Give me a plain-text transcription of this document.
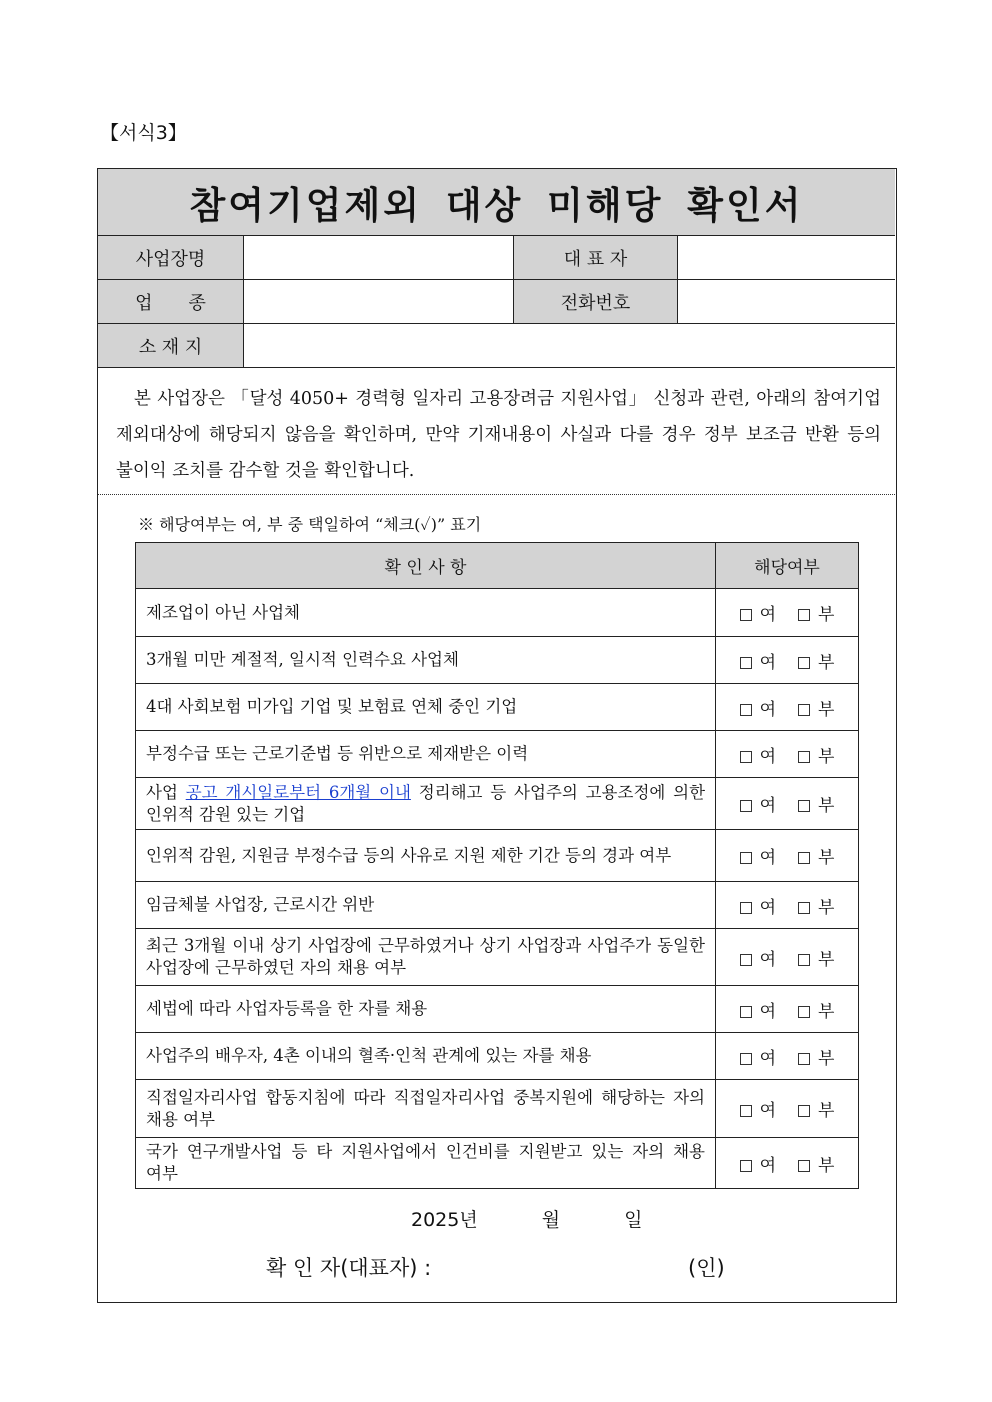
【서식3】
참여기업제외 대상 미해당 확인서
사업장명	대 표 자
업　　종	전화번호
소 재 지

본 사업장은 「달성 4050+ 경력형 일자리 고용장려금 지원사업」 신청과 관련, 아래의 참여기업 제외대상에 해당되지 않음을 확인하며, 만약 기재내용이 사실과 다를 경우 정부 보조금 반환 등의 불이익 조치를 감수할 것을 확인합니다.

※ 해당여부는 여, 부 중 택일하여 “체크(✓)” 표기
확 인 사 항	해당여부
제조업이 아닌 사업체	여 부
3개월 미만 계절적, 일시적 인력수요 사업체	여 부
4대 사회보험 미가입 기업 및 보험료 연체 중인 기업	여 부
부정수급 또는 근로기준법 등 위반으로 제재받은 이력	여 부
사업 공고 개시일로부터 6개월 이내 정리해고 등 사업주의 고용조정에 의한 인위적 감원 있는 기업	여 부
인위적 감원, 지원금 부정수급 등의 사유로 지원 제한 기간 등의 경과 여부	여 부
임금체불 사업장, 근로시간 위반	여 부
최근 3개월 이내 상기 사업장에 근무하였거나 상기 사업장과 사업주가 동일한 사업장에 근무하였던 자의 채용 여부	여 부
세법에 따라 사업자등록을 한 자를 채용	여 부
사업주의 배우자, 4촌 이내의 혈족·인척 관계에 있는 자를 채용	여 부
직접일자리사업 합동지침에 따라 직접일자리사업 중복지원에 해당하는 자의 채용 여부	여 부
국가 연구개발사업 등 타 지원사업에서 인건비를 지원받고 있는 자의 채용 여부	여 부
2025년	월	일
확 인 자(대표자) :	(인)
